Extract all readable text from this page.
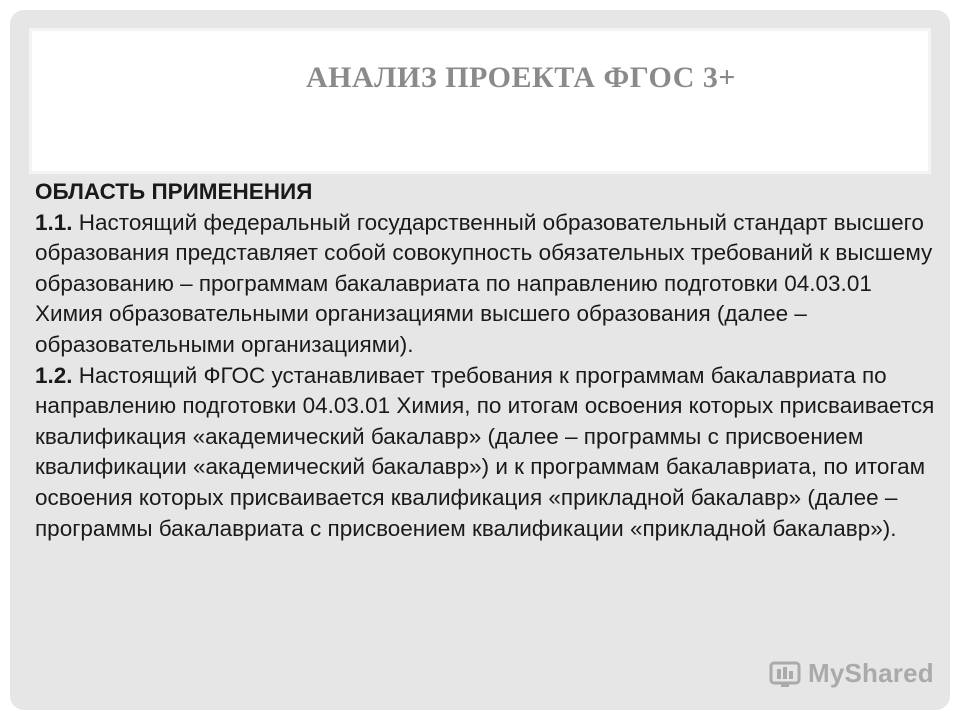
АНАЛИЗ ПРОЕКТА ФГОС 3+
ОБЛАСТЬ ПРИМЕНЕНИЯ
1.1. Настоящий федеральный государственный образовательный стандарт высшего образования представляет собой совокупность обязательных требований к высшему образованию – программам бакалавриата по направлению подготовки 04.03.01 Химия образовательными организациями высшего образования (далее – образовательными организациями).
1.2. Настоящий ФГОС устанавливает требования к программам бакалавриата по направлению подготовки 04.03.01 Химия, по итогам освоения которых присваивается квалификация «академический бакалавр» (далее – программы с присвоением квалификации «академический бакалавр») и к программам бакалавриата, по итогам освоения которых присваивается квалификация «прикладной бакалавр» (далее – программы бакалавриата с присвоением квалификации «прикладной бакалавр»).
MyShared
